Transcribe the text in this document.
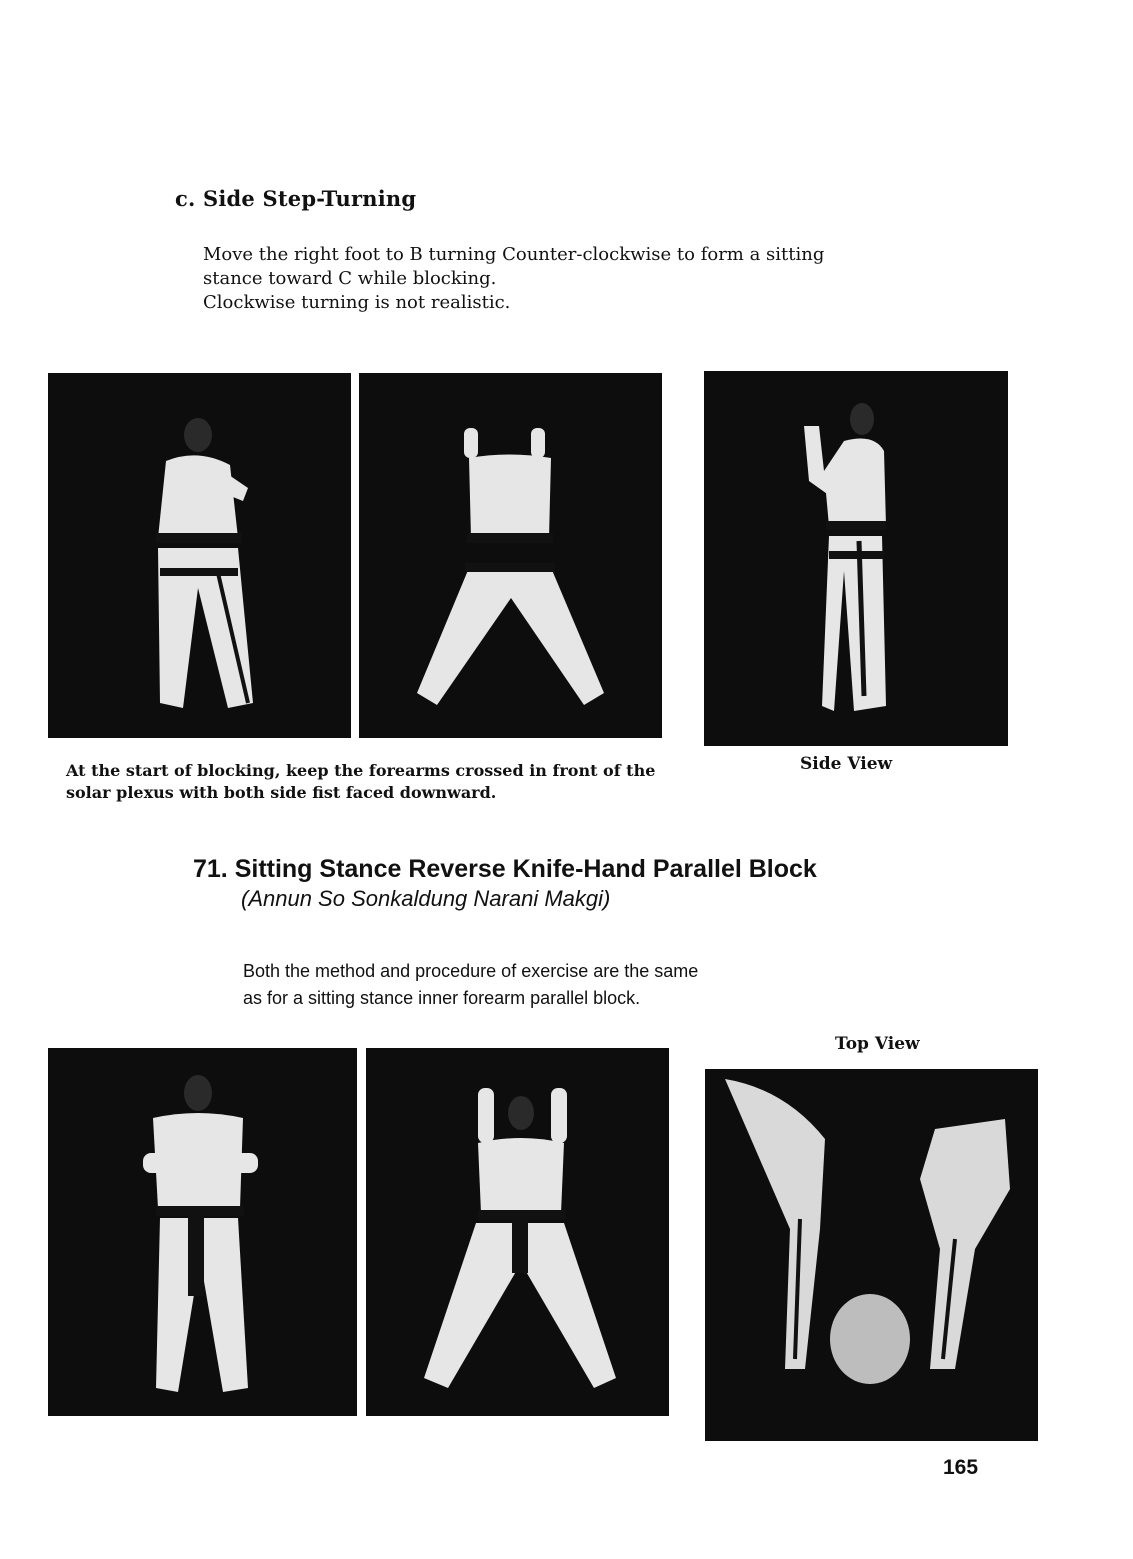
c. Side Step-Turning
Move the right foot to B turning Counter-clockwise to form a sitting
stance toward C while blocking.
Clockwise turning is not realistic.
At the start of blocking, keep the forearms crossed in front of the
solar plexus with both side fist faced downward.
Side View
71. Sitting Stance Reverse Knife-Hand Parallel Block
(Annun So Sonkaldung Narani Makgi)
Both the method and procedure of exercise are the same
as for a sitting stance inner forearm parallel block.
Top View
165
